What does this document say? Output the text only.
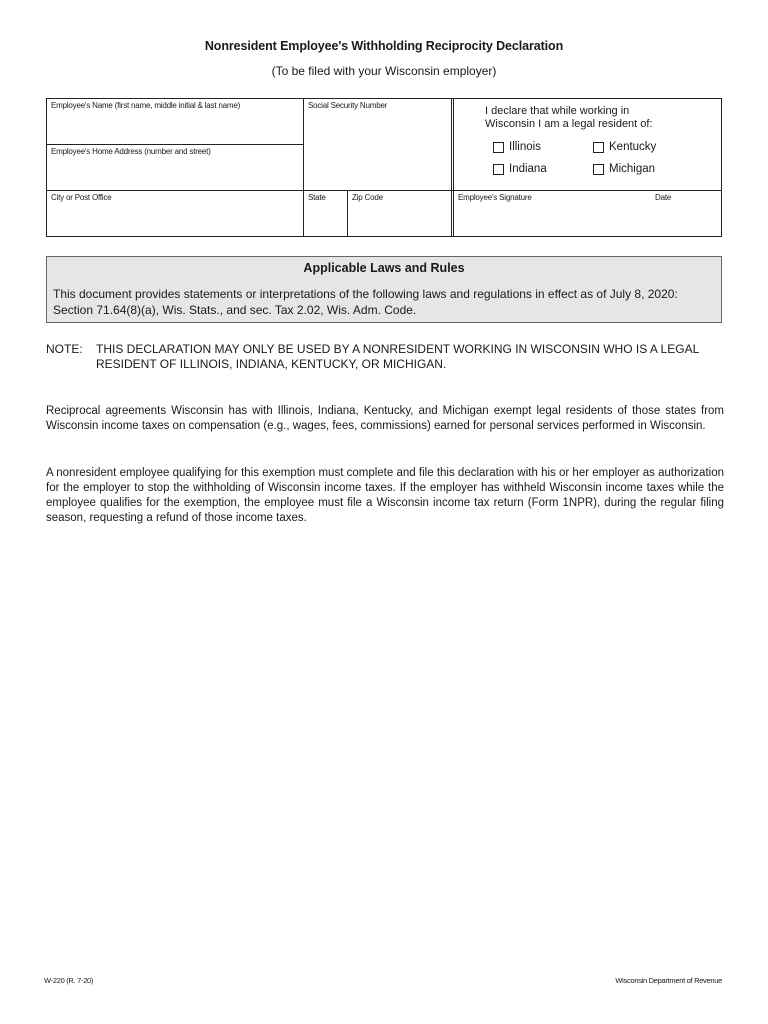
Nonresident Employee's Withholding Reciprocity Declaration
(To be filed with your Wisconsin employer)
Employee's Name (first name, middle initial & last name)	Social Security Number
Employee's Home Address (number and street)
City or Post Office	State	Zip Code	Employee's Signature	Date
I declare that while working in
Wisconsin I am a legal resident of:
Illinois	Kentucky
Indiana	Michigan
Applicable Laws and Rules
This document provides statements or interpretations of the following laws and regulations in effect as of July 8, 2020: Section 71.64(8)(a), Wis. Stats., and sec. Tax 2.02, Wis. Adm. Code.
NOTE:	THIS DECLARATION MAY ONLY BE USED BY A NONRESIDENT WORKING IN WISCONSIN WHO IS A LEGAL RESIDENT OF ILLINOIS, INDIANA, KENTUCKY, OR MICHIGAN.
Reciprocal agreements Wisconsin has with Illinois, Indiana, Kentucky, and Michigan exempt legal residents of those states from Wisconsin income taxes on compensation (e.g., wages, fees, commissions) earned for personal services performed in Wisconsin.
A nonresident employee qualifying for this exemption must complete and file this declaration with his or her employer as authorization for the employer to stop the withholding of Wisconsin income taxes. If the employer has withheld Wisconsin income taxes while the employee qualifies for the exemption, the employee must file a Wisconsin income tax return (Form 1NPR), during the regular filing season, requesting a refund of those income taxes.
W-220 (R. 7-20)	Wisconsin Department of Revenue
